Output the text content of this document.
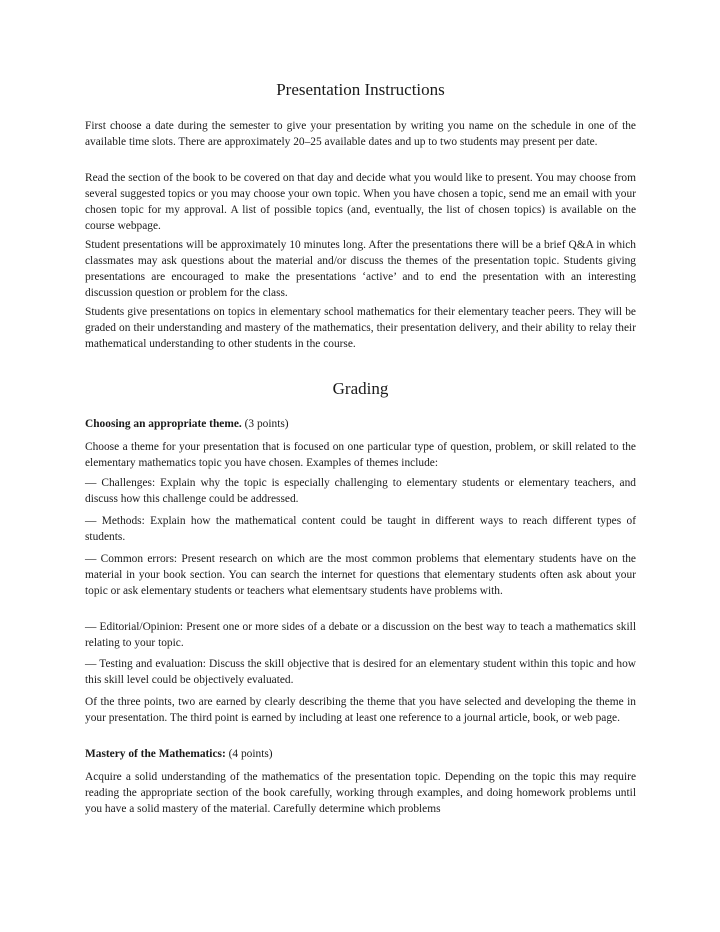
Presentation Instructions

First choose a date during the semester to give your presentation by writing you name on the schedule in one of the available time slots. There are approximately 20–25 available dates and up to two students may present per date.

Read the section of the book to be covered on that day and decide what you would like to present. You may choose from several suggested topics or you may choose your own topic. When you have chosen a topic, send me an email with your chosen topic for my approval. A list of possible topics (and, eventually, the list of chosen topics) is available on the course webpage.

Student presentations will be approximately 10 minutes long. After the presentations there will be a brief Q&A in which classmates may ask questions about the material and/or discuss the themes of the presentation topic. Students giving presentations are encouraged to make the presentations ‘active’ and to end the presentation with an interesting discussion question or problem for the class.

Students give presentations on topics in elementary school mathematics for their elementary teacher peers. They will be graded on their understanding and mastery of the mathematics, their presentation delivery, and their ability to relay their mathematical understanding to other students in the course.

Grading

Choosing an appropriate theme. (3 points)

Choose a theme for your presentation that is focused on one particular type of question, problem, or skill related to the elementary mathematics topic you have chosen. Examples of themes include:

— Challenges: Explain why the topic is especially challenging to elementary students or elementary teachers, and discuss how this challenge could be addressed.

— Methods: Explain how the mathematical content could be taught in different ways to reach different types of students.

— Common errors: Present research on which are the most common problems that elementary students have on the material in your book section. You can search the internet for questions that elementary students often ask about your topic or ask elementary students or teachers what elementsary students have problems with.

— Editorial/Opinion: Present one or more sides of a debate or a discussion on the best way to teach a mathematics skill relating to your topic.

— Testing and evaluation: Discuss the skill objective that is desired for an elementary student within this topic and how this skill level could be objectively evaluated.

Of the three points, two are earned by clearly describing the theme that you have selected and developing the theme in your presentation. The third point is earned by including at least one reference to a journal article, book, or web page.

Mastery of the Mathematics: (4 points)

Acquire a solid understanding of the mathematics of the presentation topic. Depending on the topic this may require reading the appropriate section of the book carefully, working through examples, and doing homework problems until you have a solid mastery of the material. Carefully determine which problems
